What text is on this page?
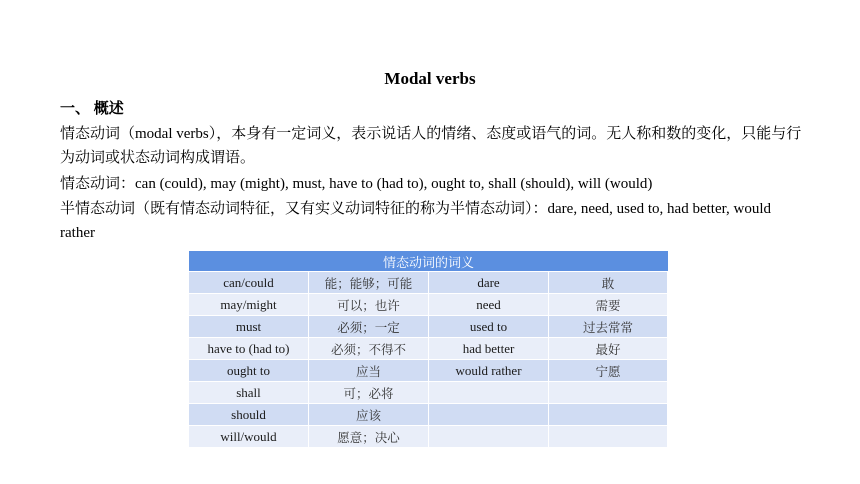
Modal verbs
一、 概述
情态动词（modal verbs），本身有一定词义，表示说话人的情绪、态度或语气的词。无人称和数的变化，只能与行为动词或状态动词构成谓语。
情态动词：can (could), may (might), must, have to (had to), ought to, shall (should), will (would)
半情态动词（既有情态动词特征，又有实义动词特征的称为半情态动词）：dare, need, used to, had better, would rather
情态动词的词义			
can/could	能；能够；可能	dare	敢
may/might	可以；也许	need	需要
must	必须；一定	used to	过去常常
have to (had to)	必须；不得不	had better	最好
ought to	应当	would rather	宁愿
shall	可；必将		
should	应该		
will/would	愿意；决心		
